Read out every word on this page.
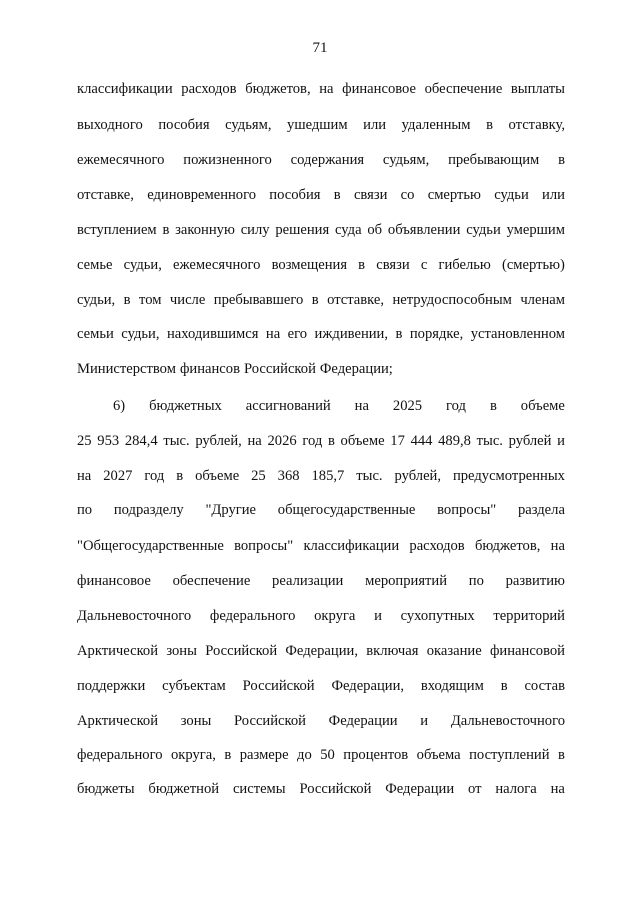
71
классификации расходов бюджетов, на финансовое обеспечение выплаты
выходного пособия судьям, ушедшим или удаленным в отставку,
ежемесячного пожизненного содержания судьям, пребывающим в
отставке, единовременного пособия в связи со смертью судьи или
вступлением в законную силу решения суда об объявлении судьи умершим
семье судьи, ежемесячного возмещения в связи с гибелью (смертью)
судьи, в том числе пребывавшего в отставке, нетрудоспособным членам
семьи судьи, находившимся на его иждивении, в порядке, установленном
Министерством финансов Российской Федерации;
6) бюджетных ассигнований на 2025 год в объеме
25 953 284,4 тыс. рублей, на 2026 год в объеме 17 444 489,8 тыс. рублей и
на 2027 год в объеме 25 368 185,7 тыс. рублей, предусмотренных
по подразделу "Другие общегосударственные вопросы" раздела
"Общегосударственные вопросы" классификации расходов бюджетов, на
финансовое обеспечение реализации мероприятий по развитию
Дальневосточного федерального округа и сухопутных территорий
Арктической зоны Российской Федерации, включая оказание финансовой
поддержки субъектам Российской Федерации, входящим в состав
Арктической зоны Российской Федерации и Дальневосточного
федерального округа, в размере до 50 процентов объема поступлений в
бюджеты бюджетной системы Российской Федерации от налога на
